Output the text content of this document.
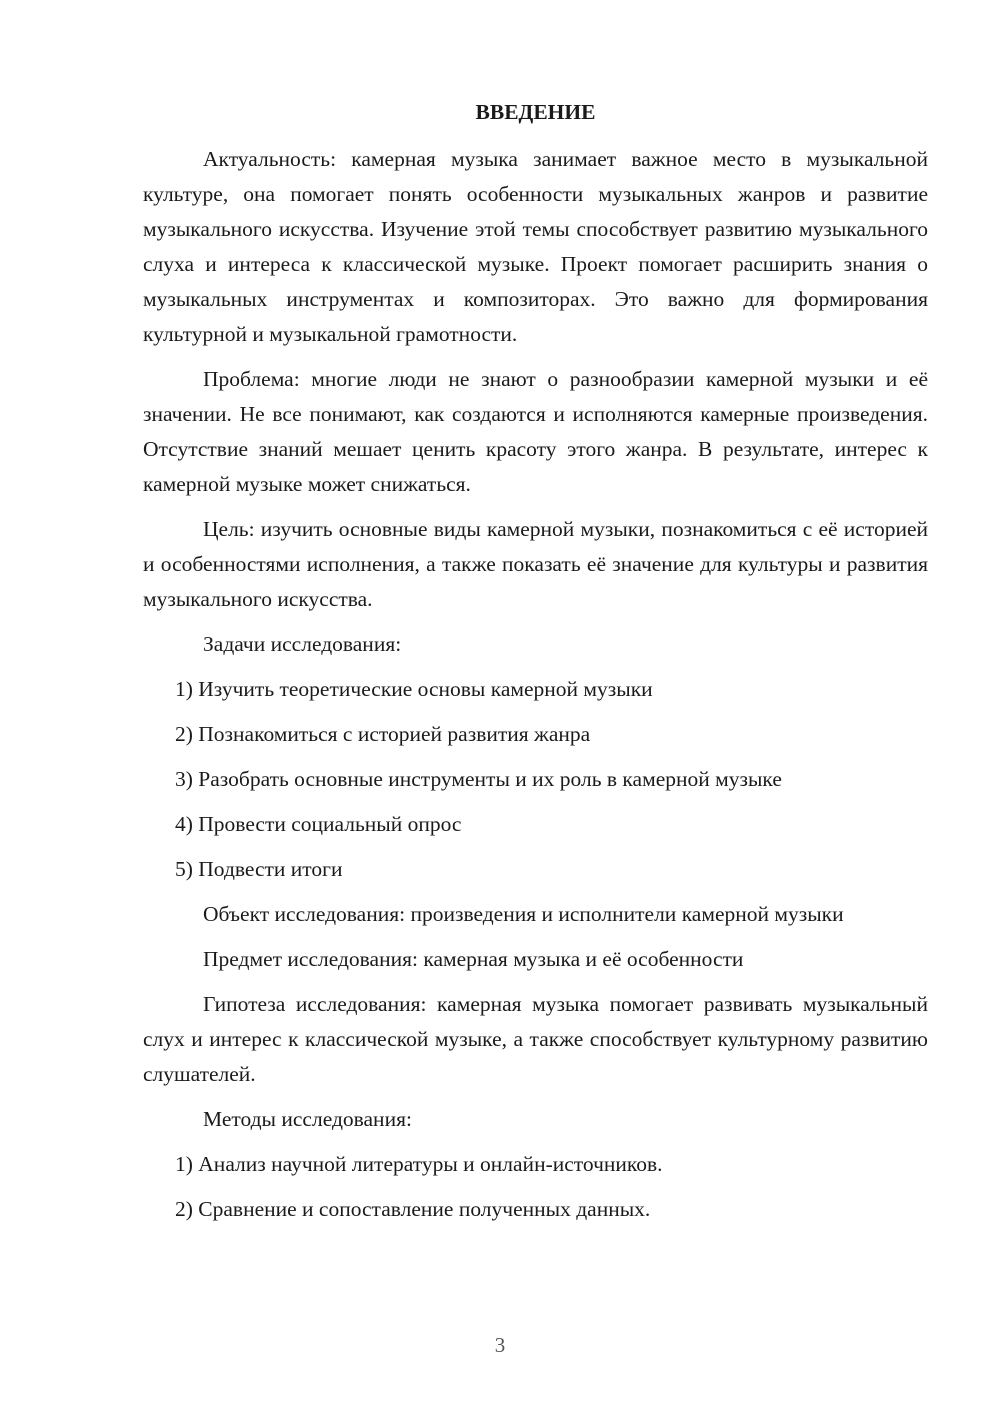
ВВЕДЕНИЕ

Актуальность: камерная музыка занимает важное место в музыкальной культуре, она помогает понять особенности музыкальных жанров и развитие музыкального искусства. Изучение этой темы способствует развитию музыкального слуха и интереса к классической музыке. Проект помогает расширить знания о музыкальных инструментах и композиторах. Это важно для формирования культурной и музыкальной грамотности.

Проблема: многие люди не знают о разнообразии камерной музыки и её значении. Не все понимают, как создаются и исполняются камерные произведения. Отсутствие знаний мешает ценить красоту этого жанра. В результате, интерес к камерной музыке может снижаться.

Цель: изучить основные виды камерной музыки, познакомиться с её историей и особенностями исполнения, а также показать её значение для культуры и развития музыкального искусства.

Задачи исследования:

1) Изучить теоретические основы камерной музыки

2) Познакомиться с историей развития жанра

3) Разобрать основные инструменты и их роль в камерной музыке

4) Провести социальный опрос

5) Подвести итоги

Объект исследования: произведения и исполнители камерной музыки

Предмет исследования: камерная музыка и её особенности

Гипотеза исследования: камерная музыка помогает развивать музыкальный слух и интерес к классической музыке, а также способствует культурному развитию слушателей.

Методы исследования:

1) Анализ научной литературы и онлайн-источников.

2) Сравнение и сопоставление полученных данных.

3
